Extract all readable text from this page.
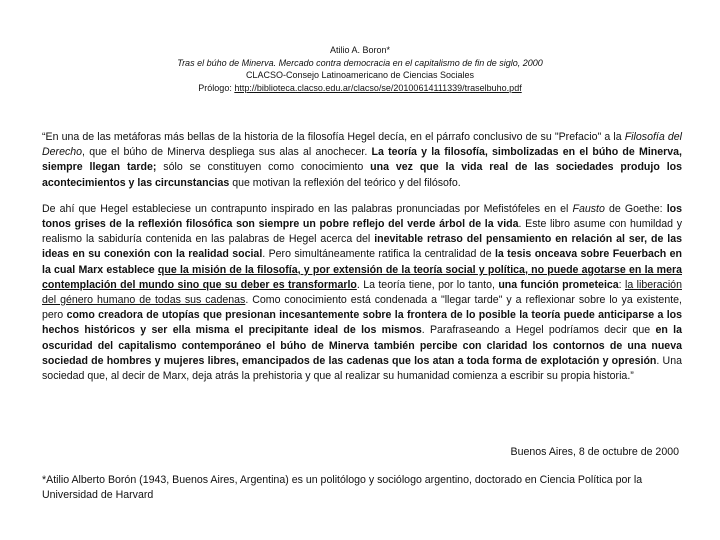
Atilio A. Boron*
Tras el búho de Minerva. Mercado contra democracia en el capitalismo de fin de siglo, 2000
CLACSO-Consejo Latinoamericano de Ciencias Sociales
Prólogo: http://biblioteca.clacso.edu.ar/clacso/se/20100614111339/traselbuho.pdf

“En una de las metáforas más bellas de la historia de la filosofía Hegel decía, en el párrafo conclusivo de su "Prefacio" a la Filosofía del Derecho, que el búho de Minerva despliega sus alas al anochecer. La teoría y la filosofía, simbolizadas en el búho de Minerva, siempre llegan tarde; sólo se constituyen como conocimiento una vez que la vida real de las sociedades produjo los acontecimientos y las circunstancias que motivan la reflexión del teórico y del filósofo.

De ahí que Hegel estableciese un contrapunto inspirado en las palabras pronunciadas por Mefistófeles en el Fausto de Goethe: los tonos grises de la reflexión filosófica son siempre un pobre reflejo del verde árbol de la vida. Este libro asume con humildad y realismo la sabiduría contenida en las palabras de Hegel acerca del inevitable retraso del pensamiento en relación al ser, de las ideas en su conexión con la realidad social. Pero simultáneamente ratifica la centralidad de la tesis onceava sobre Feuerbach en la cual Marx establece que la misión de la filosofía, y por extensión de la teoría social y política, no puede agotarse en la mera contemplación del mundo sino que su deber es transformarlo. La teoría tiene, por lo tanto, una función prometeica: la liberación del género humano de todas sus cadenas. Como conocimiento está condenada a "llegar tarde" y a reflexionar sobre lo ya existente, pero como creadora de utopías que presionan incesantemente sobre la frontera de lo posible la teoría puede anticiparse a los hechos históricos y ser ella misma el precipitante ideal de los mismos. Parafraseando a Hegel podríamos decir que en la oscuridad del capitalismo contemporáneo el búho de Minerva también percibe con claridad los contornos de una nueva sociedad de hombres y mujeres libres, emancipados de las cadenas que los atan a toda forma de explotación y opresión. Una sociedad que, al decir de Marx, deja atrás la prehistoria y que al realizar su humanidad comienza a escribir su propia historia.”

Buenos Aires, 8 de octubre de 2000
*Atilio Alberto Borón (1943, Buenos Aires, Argentina) es un politólogo y sociólogo argentino, doctorado en Ciencia Política por la Universidad de Harvard
